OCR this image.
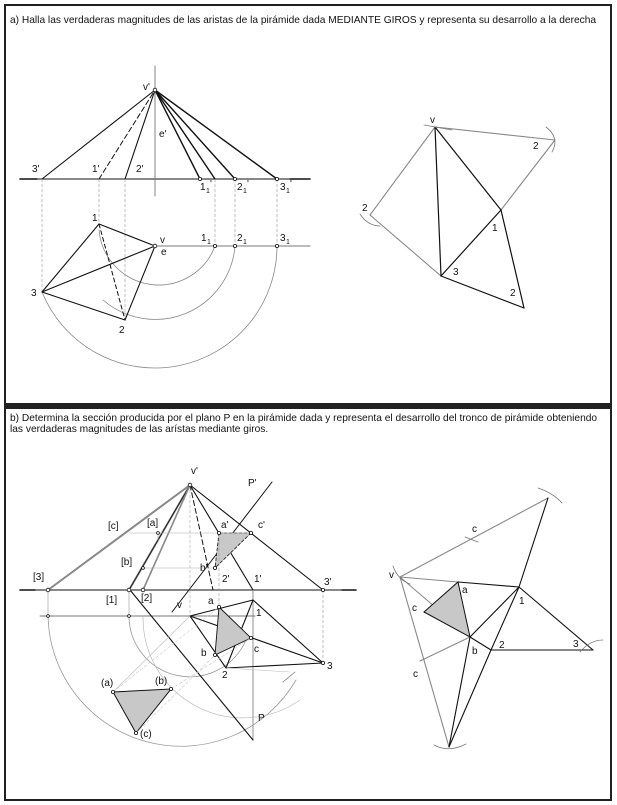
a) Halla las verdaderas magnitudes de las aristas de la pirámide dada MEDIANTE GIROS y representa su desarrollo a la derecha
b) Determina la sección producida por el plano P en la pirámide dada y representa el desarrollo del tronco de pirámide obteniendo las verdaderas magnitudes de las arístas mediante giros.
v'
e'
3'	1'	2'
1 1
'	2 1
'	3 1
'
1
2
3
v
e
1 1	2 1	3 1
v
2
2
1
3
2
v'
P'
[c]	[a]
[b]
a'	c'
b'
2' 1'
[3]	3'
[1] [2]
v	a
1
b	c
2
3
(a)	(b)
(c)
P
c
v
c
a
1
b
2	3
c
